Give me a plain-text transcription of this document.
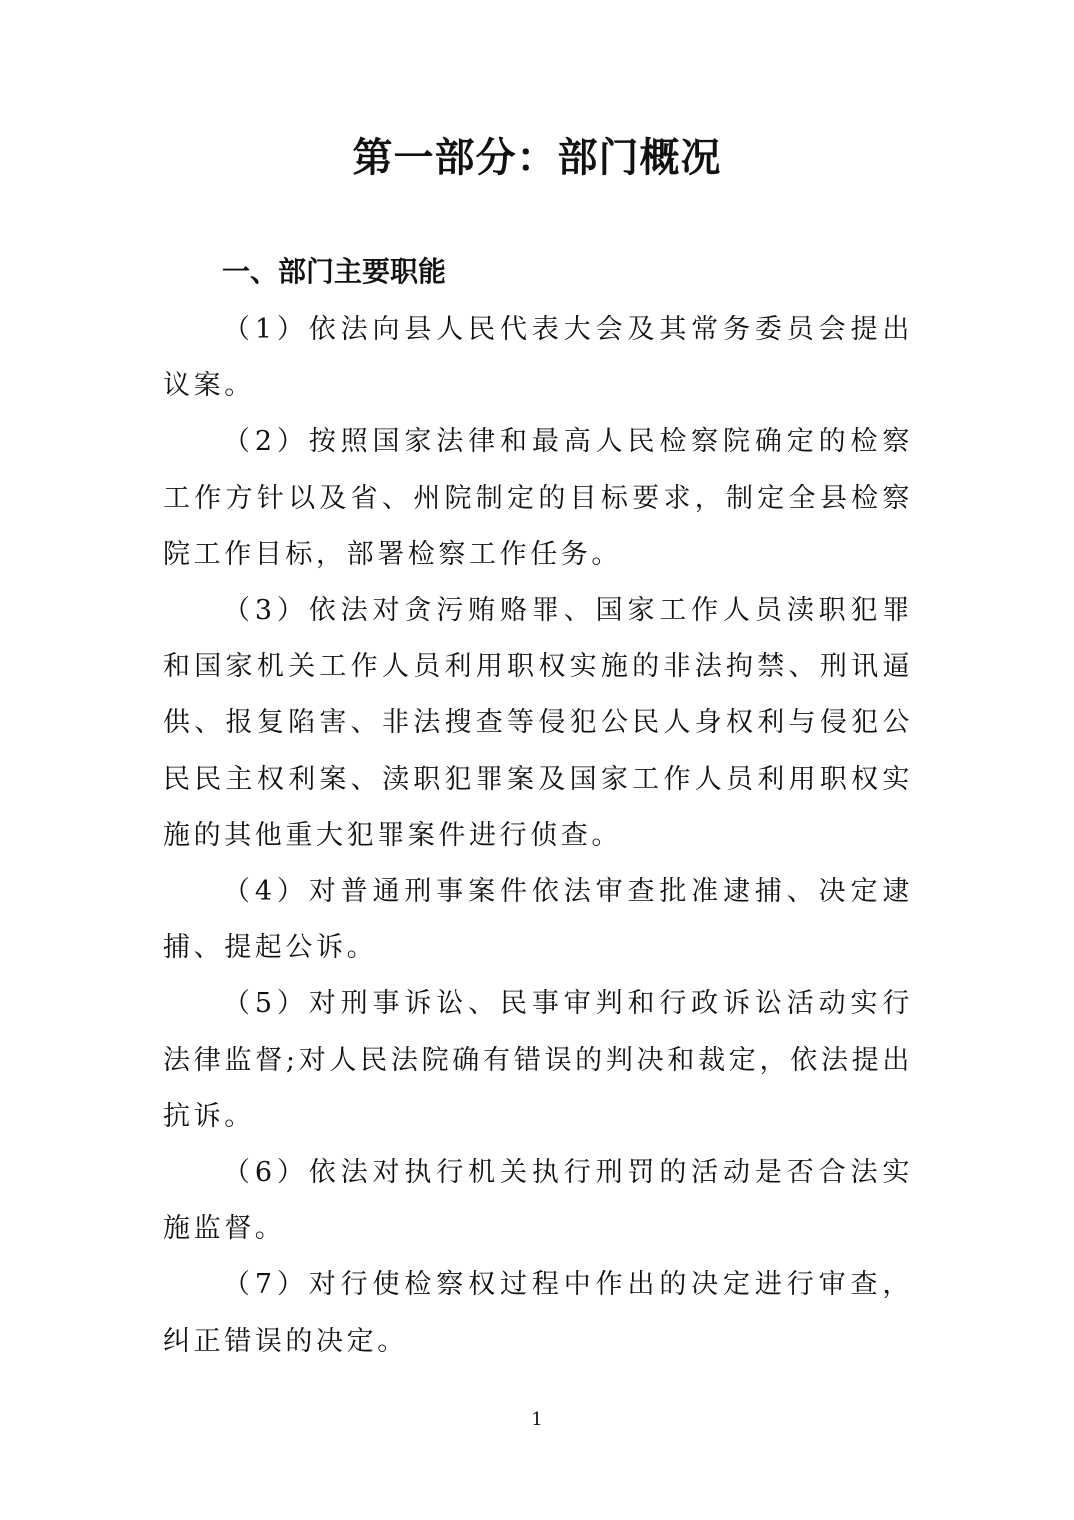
第一部分：部门概况
一、部门主要职能

（1）依法向县人民代表大会及其常务委员会提出议案。

（2）按照国家法律和最高人民检察院确定的检察工作方针以及省、州院制定的目标要求，制定全县检察院工作目标，部署检察工作任务。

（3）依法对贪污贿赂罪、国家工作人员渎职犯罪和国家机关工作人员利用职权实施的非法拘禁、刑讯逼供、报复陷害、非法搜查等侵犯公民人身权利与侵犯公民民主权利案、渎职犯罪案及国家工作人员利用职权实施的其他重大犯罪案件进行侦查。

（4）对普通刑事案件依法审查批准逮捕、决定逮捕、提起公诉。

（5）对刑事诉讼、民事审判和行政诉讼活动实行法律监督;对人民法院确有错误的判决和裁定，依法提出抗诉。

（6）依法对执行机关执行刑罚的活动是否合法实施监督。

（7）对行使检察权过程中作出的决定进行审查，纠正错误的决定。

1
